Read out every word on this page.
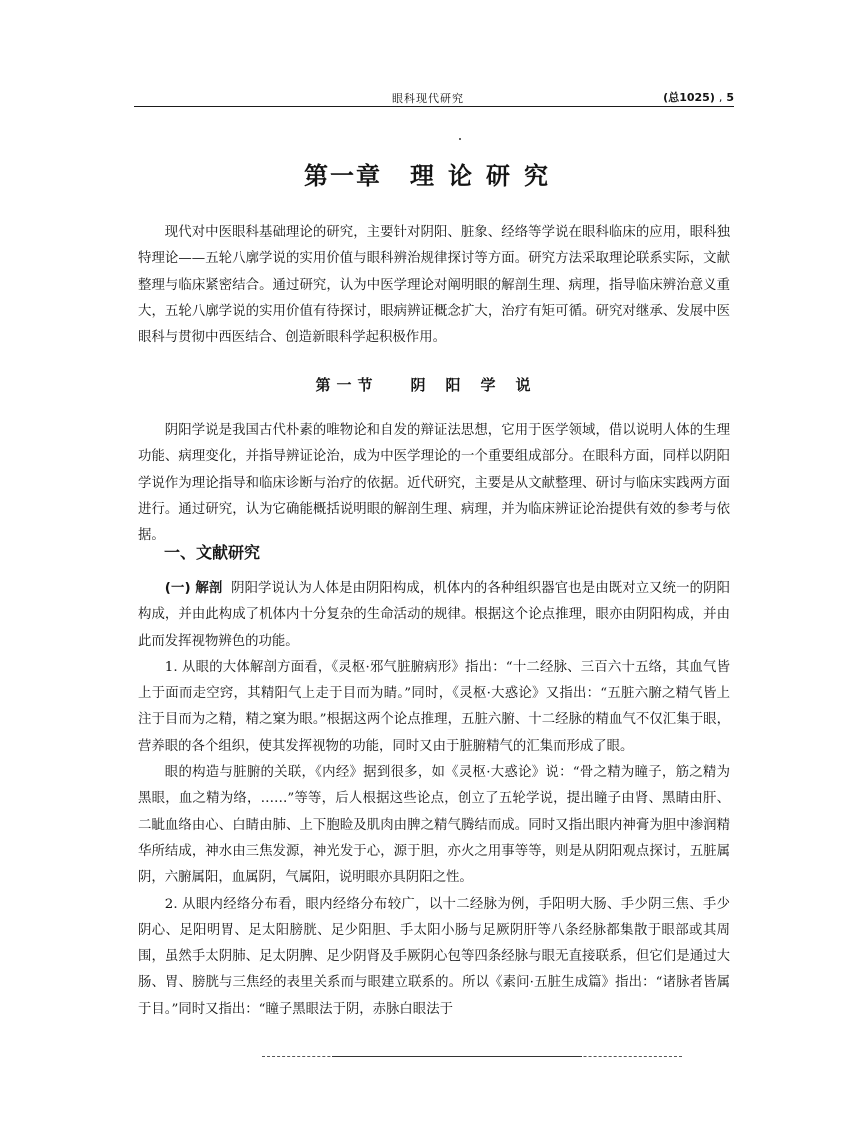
眼科现代研究	(总1025) , 5
第一章 理论研究

现代对中医眼科基础理论的研究，主要针对阴阳、脏象、经络等学说在眼科临床的应用，眼科独特理论——五轮八廓学说的实用价值与眼科辨治规律探讨等方面。研究方法采取理论联系实际，文献整理与临床紧密结合。通过研究，认为中医学理论对阐明眼的解剖生理、病理，指导临床辨治意义重大，五轮八廓学说的实用价值有待探讨，眼病辨证概念扩大，治疗有矩可循。研究对继承、发展中医眼科与贯彻中西医结合、创造新眼科学起积极作用。

第一节 阴阳学说

阴阳学说是我国古代朴素的唯物论和自发的辩证法思想，它用于医学领域，借以说明人体的生理功能、病理变化，并指导辨证论治，成为中医学理论的一个重要组成部分。在眼科方面，同样以阴阳学说作为理论指导和临床诊断与治疗的依据。近代研究，主要是从文献整理、研讨与临床实践两方面进行。通过研究，认为它确能概括说明眼的解剖生理、病理，并为临床辨证论治提供有效的参考与依据。

一、文献研究

(一) 解剖 阴阳学说认为人体是由阴阳构成，机体内的各种组织器官也是由既对立又统一的阴阳构成，并由此构成了机体内十分复杂的生命活动的规律。根据这个论点推理，眼亦由阴阳构成，并由此而发挥视物辨色的功能。

1. 从眼的大体解剖方面看，《灵枢·邪气脏腑病形》指出：“十二经脉、三百六十五络，其血气皆上于面而走空窍，其精阳气上走于目而为睛。”同时，《灵枢·大惑论》又指出：“五脏六腑之精气皆上注于目而为之精，精之窠为眼。”根据这两个论点推理，五脏六腑、十二经脉的精血气不仅汇集于眼，营养眼的各个组织，使其发挥视物的功能，同时又由于脏腑精气的汇集而形成了眼。

眼的构造与脏腑的关联，《内经》据到很多，如《灵枢·大惑论》说：“骨之精为瞳子，筋之精为黑眼，血之精为络，……”等等，后人根据这些论点，创立了五轮学说，提出瞳子由肾、黑睛由肝、二眦血络由心、白睛由肺、上下胞睑及肌肉由脾之精气腾结而成。同时又指出眼内神膏为胆中渗润精华所结成，神水由三焦发源，神光发于心，源于胆，亦火之用事等等，则是从阴阳观点探讨，五脏属阴，六腑属阳，血属阴，气属阳，说明眼亦具阴阳之性。

2. 从眼内经络分布看，眼内经络分布较广，以十二经脉为例，手阳明大肠、手少阴三焦、手少阴心、足阳明胃、足太阳膀胱、足少阳胆、手太阳小肠与足厥阴肝等八条经脉都集散于眼部或其周围，虽然手太阴肺、足太阴脾、足少阴肾及手厥阴心包等四条经脉与眼无直接联系，但它们是通过大肠、胃、膀胱与三焦经的表里关系而与眼建立联系的。所以《素问·五脏生成篇》指出：“诸脉者皆属于目。”同时又指出：“瞳子黑眼法于阴，赤脉白眼法于
